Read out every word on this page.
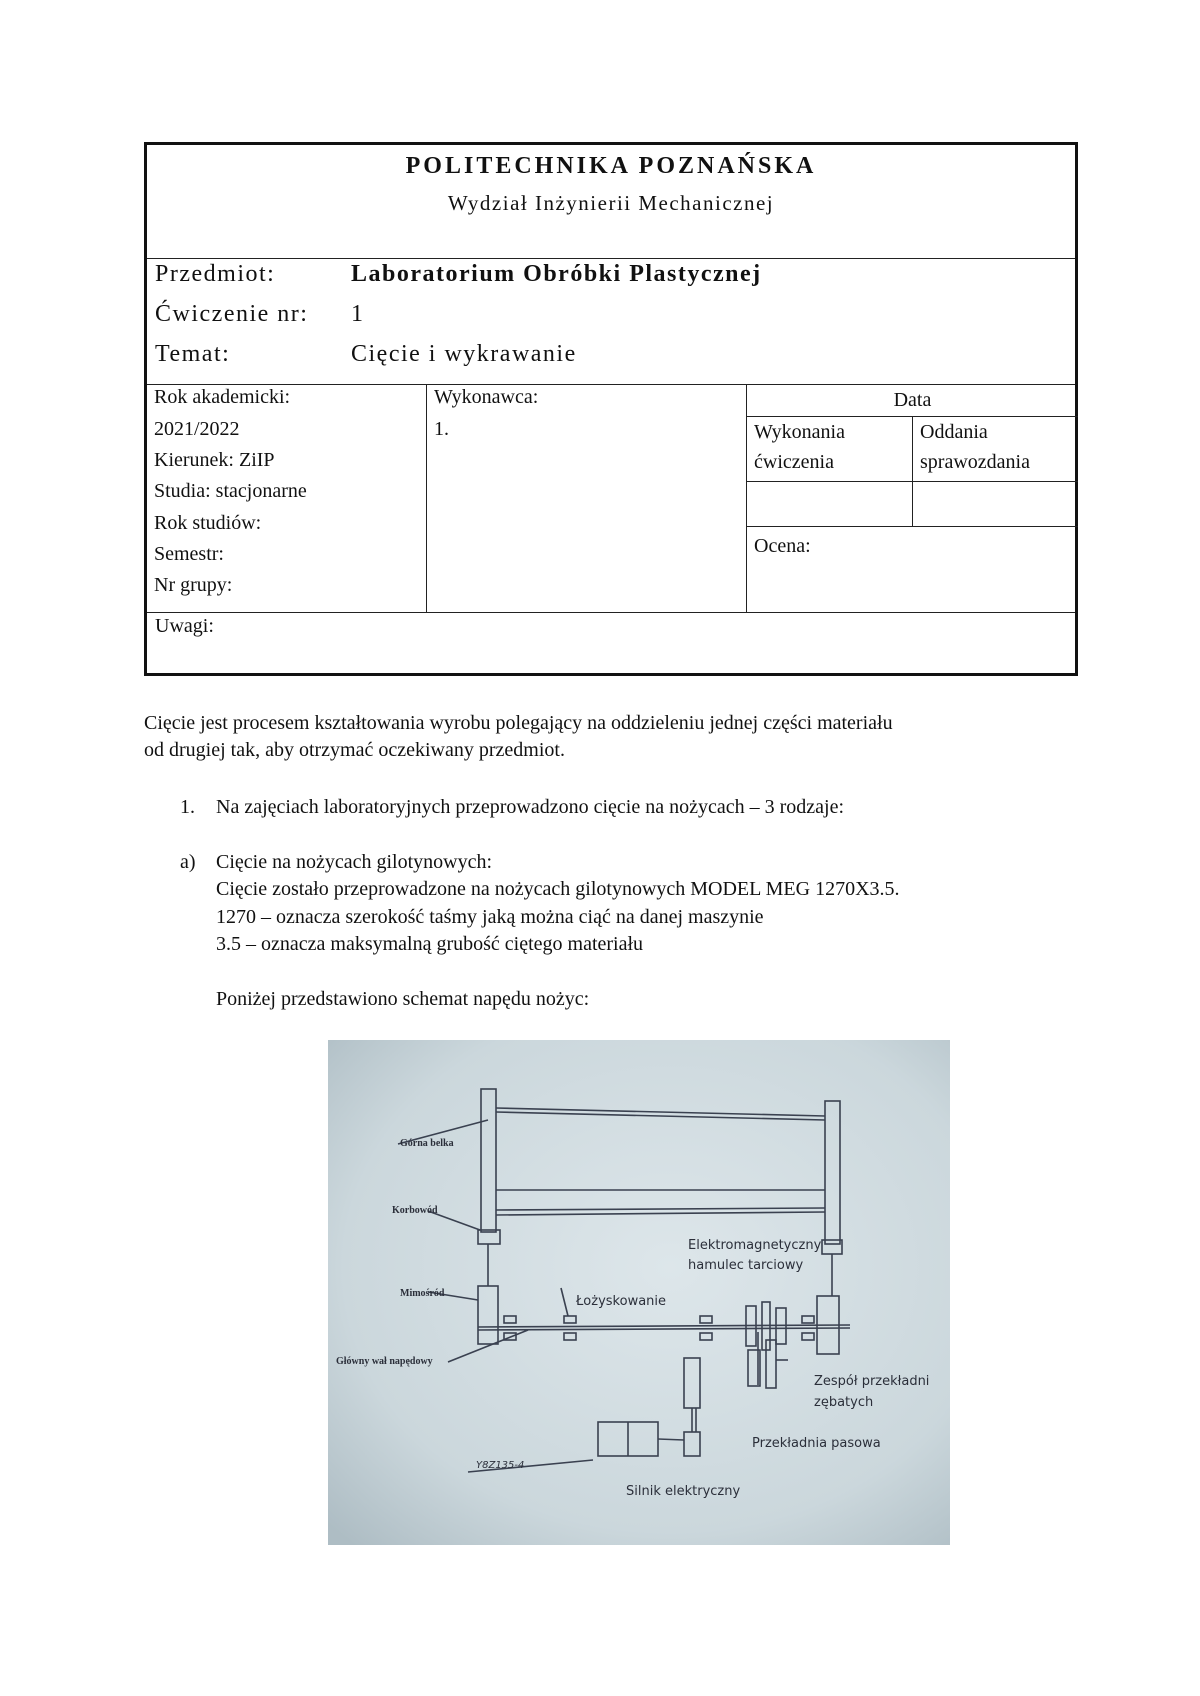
POLITECHNIKA POZNAŃSKA
Wydział Inżynierii Mechanicznej
Przedmiot:	Laboratorium Obróbki Plastycznej
Ćwiczenie nr: 1
Temat:	Cięcie i wykrawanie
Rok akademicki:
2021/2022
Kierunek: ZiIP
Studia: stacjonarne
Rok studiów:
Semestr:
Nr grupy:
Wykonawca:
1.
Data
Wykonania
ćwiczenia
Oddania
sprawozdania
Ocena:
Uwagi:
Cięcie jest procesem kształtowania wyrobu polegający na oddzieleniu jednej części materiału
od drugiej tak, aby otrzymać oczekiwany przedmiot.
1. Na zajęciach laboratoryjnych przeprowadzono cięcie na nożycach – 3 rodzaje:
a) Cięcie na nożycach gilotynowych:
Cięcie zostało przeprowadzone na nożycach gilotynowych MODEL MEG 1270X3.5.
1270 – oznacza szerokość taśmy jaką można ciąć na danej maszynie
3.5 – oznacza maksymalną grubość ciętego materiału
Poniżej przedstawiono schemat napędu nożyc:
Górna belka
Korbowód
Mimośród
Główny wał napędowy
Łożyskowanie
Elektromagnetyczny
hamulec tarciowy
Zespół przekładni
zębatych
Przekładnia pasowa
Silnik elektryczny
Y8Z135-4
